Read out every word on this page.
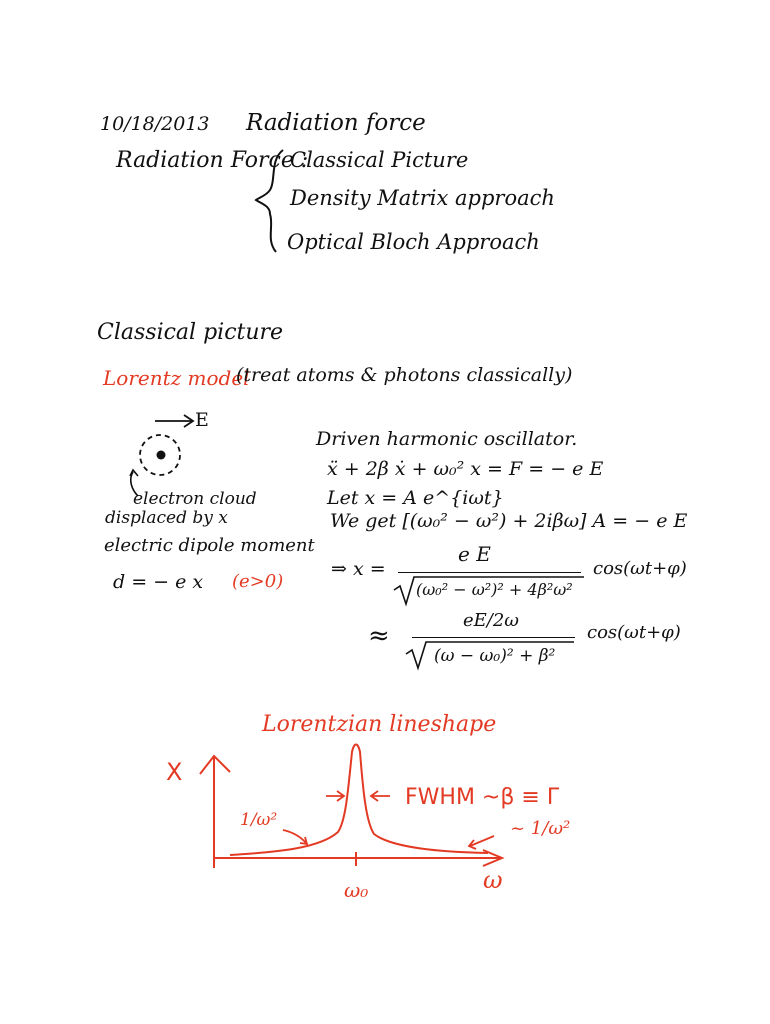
10/18/2013 Radiation force
Radiation Force :
Classical Picture
Density Matrix approach
Optical Bloch Approach
Classical picture
Lorentz model
(treat atoms & photons classically)
E
electron cloud
displaced by x
electric dipole moment
d = − e x (e>0)
Driven harmonic oscillator.
ẍ + 2β ẋ + ω₀² x = F = − e E
Let x = A e^{iωt}
We get [(ω₀² − ω²) + 2iβω] A = − e E
⇒ x =
e E
(ω₀² − ω²)² + 4β²ω²
cos(ωt+φ)
≈
eE/2ω
(ω − ω₀)² + β²
cos(ωt+φ)
Lorentzian lineshape
X
FWHM ~β ≡ Γ
1/ω²	~ 1/ω²
ω₀	ω
